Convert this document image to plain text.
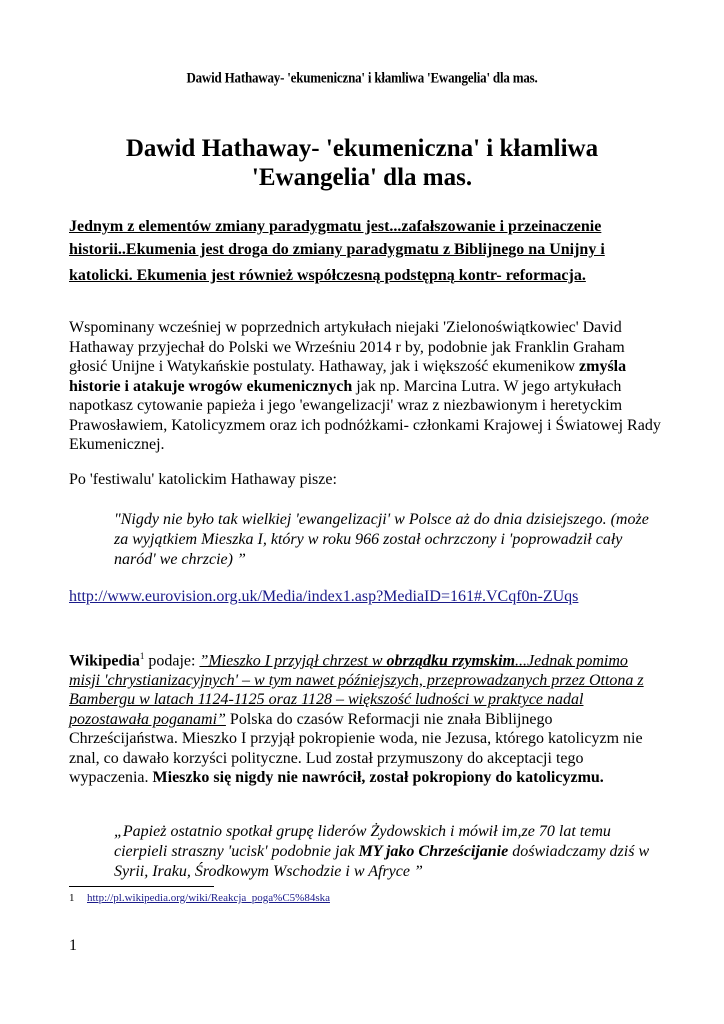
Dawid Hathaway- 'ekumeniczna' i kłamliwa 'Ewangelia' dla mas.
Dawid Hathaway- 'ekumeniczna' i kłamliwa
'Ewangelia' dla mas.

Jednym z elementów zmiany paradygmatu jest...zafałszowanie i przeinaczenie
historii..Ekumenia jest droga do zmiany paradygmatu z Biblijnego na Unijny i
katolicki. Ekumenia jest również współczesną podstępną kontr- reformacja.

Wspominany wcześniej w poprzednich artykułach niejaki 'Zielonoświątkowiec' David Hathaway przyjechał do Polski we Wrześniu 2014 r by, podobnie jak Franklin Graham głosić Unijne i Watykańskie postulaty. Hathaway, jak i większość ekumenikow zmyśla historie i atakuje wrogów ekumenicznych jak np. Marcina Lutra. W jego artykułach napotkasz cytowanie papieża i jego 'ewangelizacji' wraz z niezbawionym i heretyckim Prawosławiem, Katolicyzmem oraz ich podnóżkami- członkami Krajowej i Światowej Rady Ekumenicznej.

Po 'festiwalu' katolickim Hathaway pisze:

"Nigdy nie było tak wielkiej 'ewangelizacji' w Polsce aż do dnia dzisiejszego. (może za wyjątkiem Mieszka I, który w roku 966 został ochrzczony i 'poprowadził cały naród' we chrzcie) ”

http://www.eurovision.org.uk/Media/index1.asp?MediaID=161#.VCqf0n-ZUqs

Wikipedia$^1$ podaje: ”Mieszko I przyjął chrzest w obrządku rzymskim...Jednak pomimo misji 'chrystianizacyjnych' – w tym nawet późniejszych, przeprowadzanych przez Ottona z Bambergu w latach 1124-1125 oraz 1128 – większość ludności w praktyce nadal pozostawała poganami” Polska do czasów Reformacji nie znała Biblijnego Chrześcijaństwa. Mieszko I przyjął pokropienie woda, nie Jezusa, którego katolicyzm nie znal, co dawało korzyści polityczne. Lud został przymuszony do akceptacji tego wypaczenia. Mieszko się nigdy nie nawrócił, został pokropiony do katolicyzmu.

„Papież ostatnio spotkał grupę liderów Żydowskich i mówił im,ze 70 lat temu cierpieli straszny 'ucisk' podobnie jak MY jako Chrześcijanie doświadczamy dziś w Syrii, Iraku, Środkowym Wschodzie i w Afryce ”

1 http://pl.wikipedia.org/wiki/Reakcja_poga%C5%84ska

1
